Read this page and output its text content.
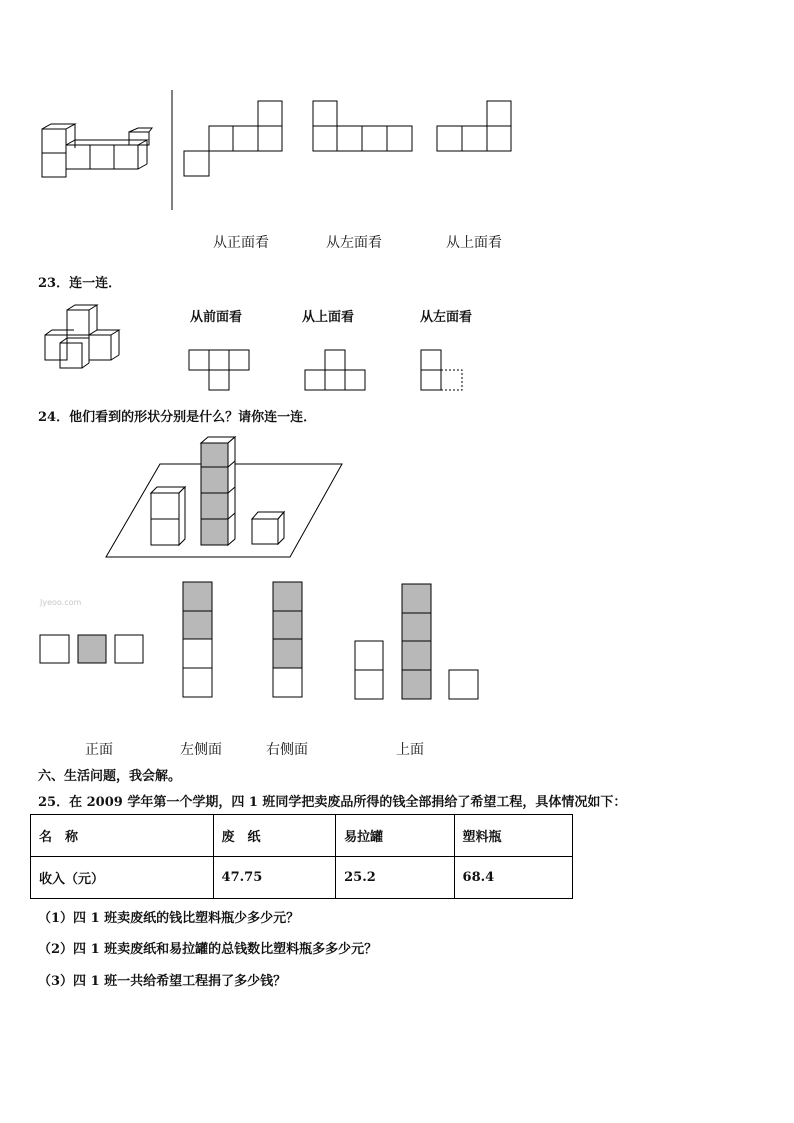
从正面看	从左面看	从上面看
23．连一连．
从前面看	从上面看	从左面看
24．他们看到的形状分别是什么？请你连一连．
Jyeoo.com
正面	左侧面	右侧面	上面
六、生活问题，我会解。
25．在 2009 学年第一个学期，四 1 班同学把卖废品所得的钱全部捐给了希望工程，具体情况如下：
名　称	废　纸	易拉罐	塑料瓶
收入（元）	47.75	25.2	68.4
（1）四 1 班卖废纸的钱比塑料瓶少多少元？
（2）四 1 班卖废纸和易拉罐的总钱数比塑料瓶多多少元？
（3）四 1 班一共给希望工程捐了多少钱？
